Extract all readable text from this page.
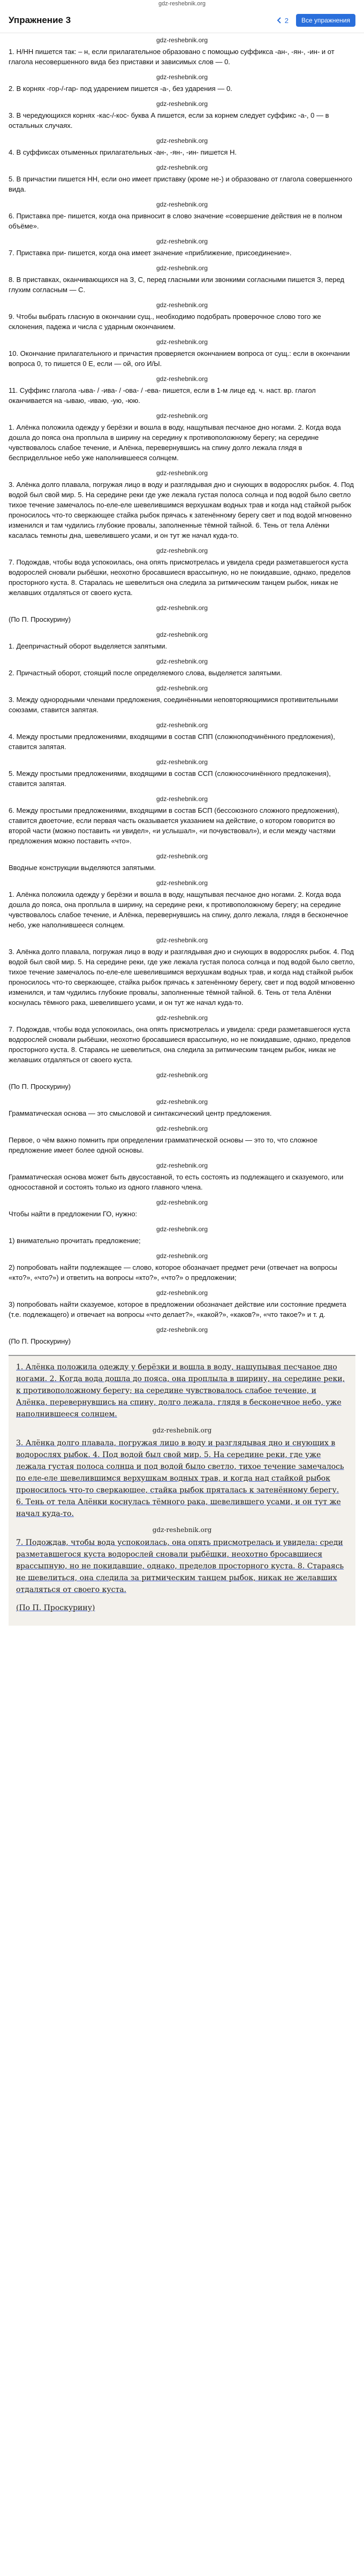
gdz-reshebnik.org
Упражнение 3	2	Все упражнения
gdz-reshebnik.org

1. Н/НН пишется так: – н, если прилагательное образовано с помощью суффикса -ан-, -ян-, -ин- и от глагола несовершенного вида без приставки и зависимых слов — 0.

gdz-reshebnik.org

2. В корнях -гор-/-гар- под ударением пишется -а-, без ударения — 0.

gdz-reshebnik.org

3. В чередующихся корнях -кас-/-кос- буква А пишется, если за корнем следует суффикс -а-, 0 — в остальных случаях.

gdz-reshebnik.org

4. В суффиксах отыменных прилагательных -ан-, -ян-, -ин- пишется Н.

gdz-reshebnik.org

5. В причастии пишется НН, если оно имеет приставку (кроме не-) и образовано от глагола совершенного вида.

gdz-reshebnik.org

6. Приставка пре- пишется, когда она привносит в слово значение «совершение действия не в полном объёме».

gdz-reshebnik.org

7. Приставка при- пишется, когда она имеет значение «приближение, присоединение».

gdz-reshebnik.org

8. В приставках, оканчивающихся на З, С, перед гласными или звонкими согласными пишется З, перед глухим согласным — С.

gdz-reshebnik.org

9. Чтобы выбрать гласную в окончании сущ., необходимо подобрать проверочное слово того же склонения, падежа и числа с ударным окончанием.

gdz-reshebnik.org

10. Окончание прилагательного и причастия проверяется окончанием вопроса от сущ.: если в окончании вопроса 0, то пишется 0 Е, если — ой, ого И/Ы.

gdz-reshebnik.org

11. Суффикс глагола -ыва- / -ива- / -ова- / -ева- пишется, если в 1-м лице ед. ч. наст. вр. глагол оканчивается на -ываю, -иваю, -ую, -юю.

gdz-reshebnik.org

1. Алёнка положила одежду у берёзки и вошла в воду, нащупывая песчаное дно ногами. 2. Когда вода дошла до пояса она проплыла в ширину на середину к противоположному берегу; на середине чувствовалось слабое течение, и Алёнка, перевернувшись на спину долго лежала глядя в бесприделльное небо уже наполнившееся солнцем.

gdz-reshebnik.org

3. Алёнка долго плавала, погружая лицо в воду и разглядывая дно и снующих в водорослях рыбок. 4. Под водой был свой мир. 5. На середине реки где уже лежала густая полоса солнца и под водой было светло тихое течение замечалось по-еле-еле шевелившимся верхушкам водных трав и когда над стайкой рыбок проносилось что-то сверкающее стайка рыбок прячась к затенённому берегу свет и под водой мгновенно изменился и там чудились глубокие провалы, заполненные тёмной тайной. 6. Тень от тела Алёнки касалась темноты дна, шевелившего усами, и он тут же начал куда-то.

gdz-reshebnik.org

7. Подождав, чтобы вода успокоилась, она опять присмотрелась и увидела среди разметавшегося куста водорослей сновали рыбёшки, неохотно бросавшиеся врассыпную, но не покидавшие, однако, пределов просторного куста. 8. Старалась не шевелиться она следила за ритмическим танцем рыбок, никак не желавших отдаляться от своего куста.

gdz-reshebnik.org

(По П. Проскурину)

gdz-reshebnik.org

1. Деепричастный оборот выделяется запятыми.

gdz-reshebnik.org

2. Причастный оборот, стоящий после определяемого слова, выделяется запятыми.

gdz-reshebnik.org

3. Между однородными членами предложения, соединёнными неповторяющимися противительными союзами, ставится запятая.

gdz-reshebnik.org

4. Между простыми предложениями, входящими в состав СПП (сложноподчинённого предложения), ставится запятая.

gdz-reshebnik.org

5. Между простыми предложениями, входящими в состав ССП (сложносочинённого предложения), ставится запятая.

gdz-reshebnik.org

6. Между простыми предложениями, входящими в состав БСП (бессоюзного сложного предложения), ставится двоеточие, если первая часть оказывается указанием на действие, о котором говорится во второй части (можно поставить «и увидел», «и услышал», «и почувствовал»), и если между частями предложения можно поставить «что».

gdz-reshebnik.org

Вводные конструкции выделяются запятыми.

gdz-reshebnik.org

1. Алёнка положила одежду у берёзки и вошла в воду, нащупывая песчаное дно ногами. 2. Когда вода дошла до пояса, она проплыла в ширину, на середине реки, к противоположному берегу; на середине чувствовалось слабое течение, и Алёнка, перевернувшись на спину, долго лежала, глядя в бесконечное небо, уже наполнившееся солнцем.

gdz-reshebnik.org

3. Алёнка долго плавала, погружая лицо в воду и разглядывая дно и снующих в водорослях рыбок. 4. Под водой был свой мир. 5. На середине реки, где уже лежала густая полоса солнца и под водой было светло, тихое течение замечалось по-еле-еле шевелившимся верхушкам водных трав, и когда над стайкой рыбок проносилось что-то сверкающее, стайка рыбок прячась к затенённому берегу, свет и под водой мгновенно изменился, и там чудились глубокие провалы, заполненные тёмной тайной. 6. Тень от тела Алёнки коснулась тёмного рака, шевелившего усами, и он тут же начал куда-то.

gdz-reshebnik.org

7. Подождав, чтобы вода успокоилась, она опять присмотрелась и увидела: среди разметавшегося куста водорослей сновали рыбёшки, неохотно бросавшиеся врассыпную, но не покидавшие, однако, пределов просторного куста. 8. Стараясь не шевелиться, она следила за ритмическим танцем рыбок, никак не желавших отдаляться от своего куста.

gdz-reshebnik.org

(По П. Проскурину)

gdz-reshebnik.org

Грамматическая основа — это смысловой и синтаксический центр предложения.

gdz-reshebnik.org

Первое, о чём важно помнить при определении грамматической основы — это то, что сложное предложение имеет более одной основы.

gdz-reshebnik.org

Грамматическая основа может быть двусоставной, то есть состоять из подлежащего и сказуемого, или односоставной и состоять только из одного главного члена.

gdz-reshebnik.org

Чтобы найти в предложении ГО, нужно:

gdz-reshebnik.org

1) внимательно прочитать предложение;

gdz-reshebnik.org

2) попробовать найти подлежащее — слово, которое обозначает предмет речи (отвечает на вопросы «кто?», «что?») и ответить на вопросы «кто?», «что?» о предложении;

gdz-reshebnik.org

3) попробовать найти сказуемое, которое в предложении обозначает действие или состояние предмета (т.е. подлежащего) и отвечает на вопросы «что делает?», «какой?», «каков?», «что такое?» и т. д.

gdz-reshebnik.org

(По П. Проскурину)

1. Алёнка положила одежду у берёзки и вошла в воду, нащупывая песчаное дно ногами. 2. Когда вода дошла до пояса, она проплыла в ширину, на середине реки, к противоположному берегу; на середине чувствовалось слабое течение, и Алёнка, перевернувшись на спину, долго лежала, глядя в бесконечное небо, уже наполнившееся солнцем.

gdz-reshebnik.org

3. Алёнка долго плавала, погружая лицо в воду и разглядывая дно и снующих в водорослях рыбок. 4. Под водой был свой мир. 5. На середине реки, где уже лежала густая полоса солнца и под водой было светло, тихое течение замечалось по еле-еле шевелившимся верхушкам водных трав, и когда над стайкой рыбок проносилось что-то сверкающее, стайка рыбок пряталась к затенённому берегу. 6. Тень от тела Алёнки коснулась тёмного рака, шевелившего усами, и он тут же начал куда-то.

gdz-reshebnik.org

7. Подождав, чтобы вода успокоилась, она опять присмотрелась и увидела: среди разметавшегося куста водорослей сновали рыбёшки, неохотно бросавшиеся врассыпную, но не покидавшие, однако, пределов просторного куста. 8. Стараясь не шевелиться, она следила за ритмическим танцем рыбок, никак не желавших отдаляться от своего куста.

(По П. Проскурину)
